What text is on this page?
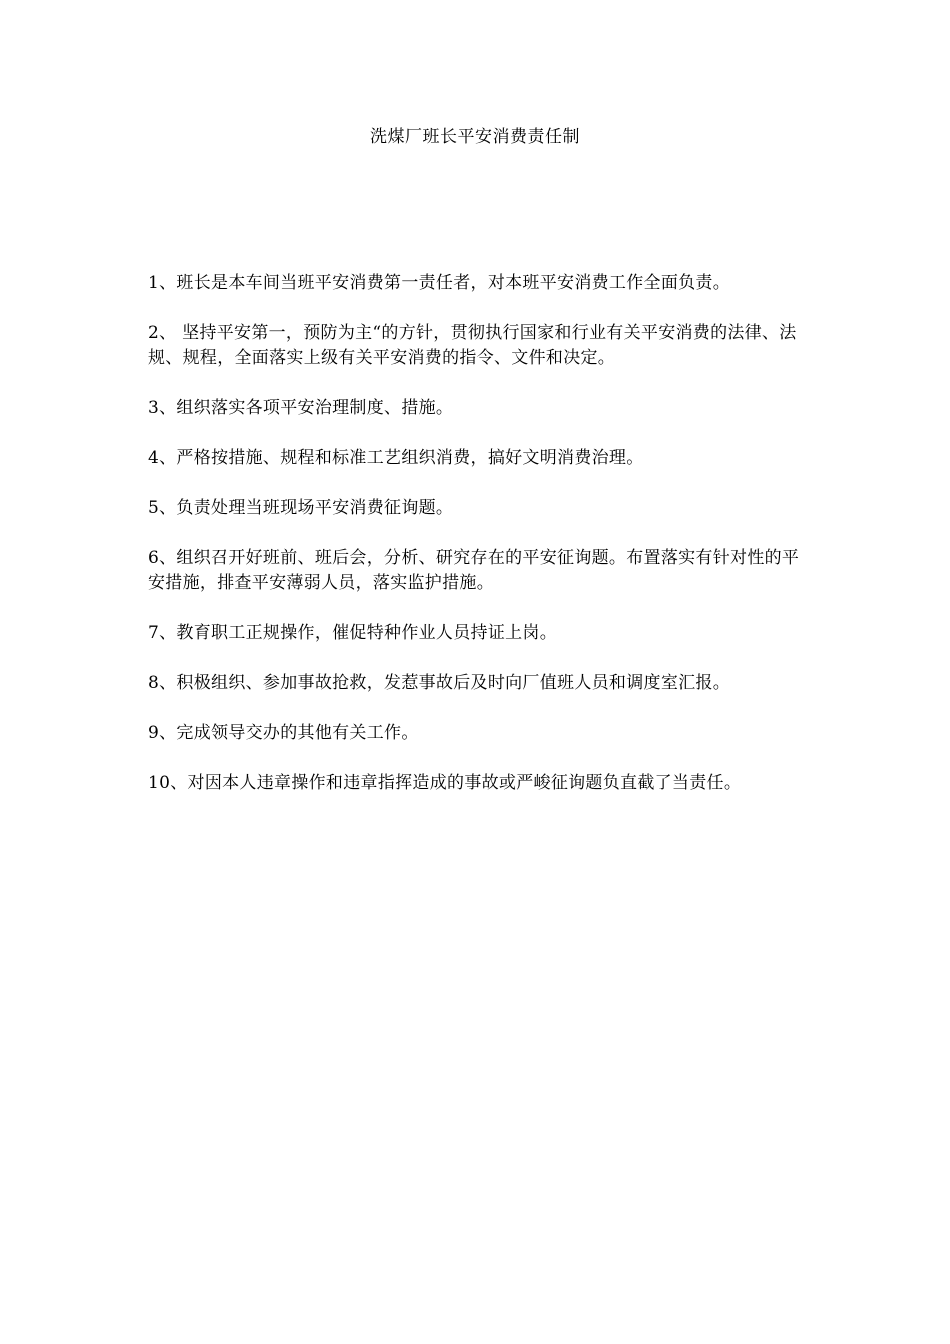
洗煤厂班长平安消费责任制
1、班长是本车间当班平安消费第一责任者，对本班平安消费工作全面负责。
2、 坚持平安第一，预防为主“的方针，贯彻执行国家和行业有关平安消费的法律、法规、规程，全面落实上级有关平安消费的指令、文件和决定。
3、组织落实各项平安治理制度、措施。
4、严格按措施、规程和标准工艺组织消费，搞好文明消费治理。
5、负责处理当班现场平安消费征询题。
6、组织召开好班前、班后会，分析、研究存在的平安征询题。布置落实有针对性的平安措施，排查平安薄弱人员，落实监护措施。
7、教育职工正规操作，催促特种作业人员持证上岗。
8、积极组织、参加事故抢救，发惹事故后及时向厂值班人员和调度室汇报。
9、完成领导交办的其他有关工作。
10、对因本人违章操作和违章指挥造成的事故或严峻征询题负直截了当责任。
